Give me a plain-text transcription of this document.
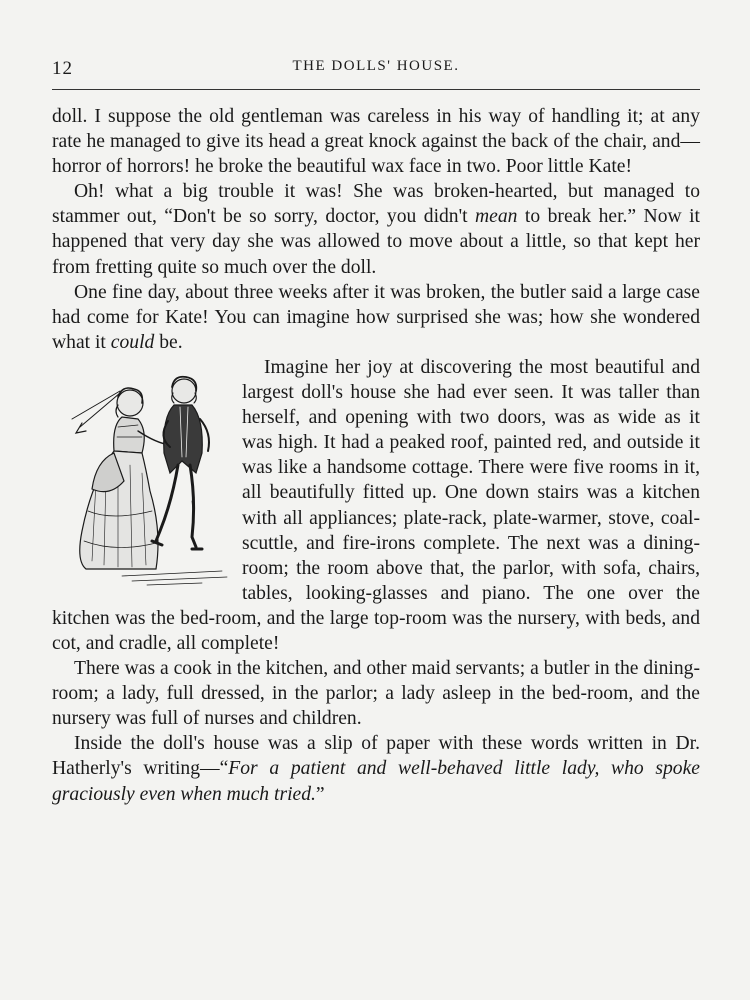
12	THE DOLLS' HOUSE.

doll. I suppose the old gentleman was careless in his way of handling it; at any rate he managed to give its head a great knock against the back of the chair, and—horror of horrors! he broke the beautiful wax face in two. Poor little Kate!

Oh! what a big trouble it was! She was broken-hearted, but managed to stammer out, “Don't be so sorry, doctor, you didn't mean to break her.” Now it happened that very day she was allowed to move about a little, so that kept her from fretting quite so much over the doll.

One fine day, about three weeks after it was broken, the butler said a large case had come for Kate! You can imagine how surprised she was; how she wondered what it could be.

Imagine her joy at discovering the most beautiful and largest doll's house she had ever seen. It was taller than herself, and opening with two doors, was as wide as it was high. It had a peaked roof, painted red, and outside it was like a handsome cottage. There were five rooms in it, all beautifully fitted up. One down stairs was a kitchen with all appliances; plate-rack, plate-warmer, stove, coal-scuttle, and fire-irons complete. The next was a dining-room; the room above that, the parlor, with sofa, chairs, tables, looking-glasses and piano. The one over the kitchen was the bed-room, and the large top-room was the nursery, with beds, and cot, and cradle, all complete!

There was a cook in the kitchen, and other maid servants; a butler in the dining-room; a lady, full dressed, in the parlor; a lady asleep in the bed-room, and the nursery was full of nurses and children.

Inside the doll's house was a slip of paper with these words written in Dr. Hatherly's writing—“For a patient and well-behaved little lady, who spoke graciously even when much tried.”
